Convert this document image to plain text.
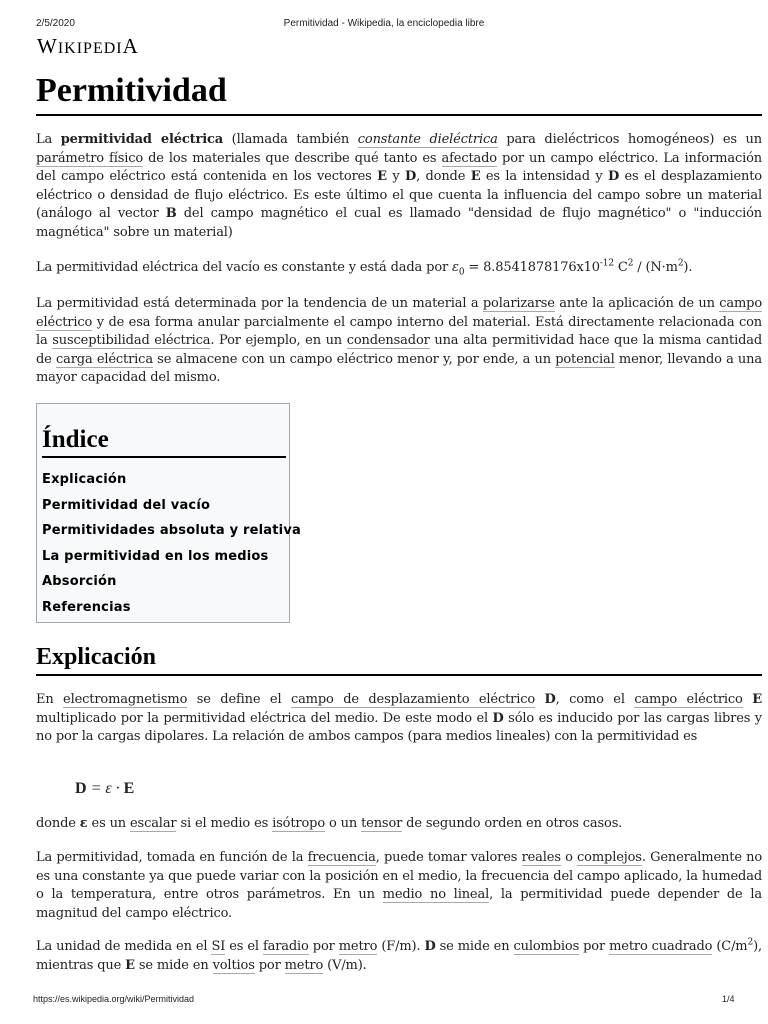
2/5/2020	Permitividad - Wikipedia, la enciclopedia libre
WIKIPEDIA
Permitividad

La permitividad eléctrica (llamada también constante dieléctrica para dieléctricos homogéneos) es un parámetro físico de los materiales que describe qué tanto es afectado por un campo eléctrico. La información del campo eléctrico está contenida en los vectores E y D, donde E es la intensidad y D es el desplazamiento eléctrico o densidad de flujo eléctrico. Es este último el que cuenta la influencia del campo sobre un material (análogo al vector B del campo magnético el cual es llamado "densidad de flujo magnético" o "inducción magnética" sobre un material)

La permitividad eléctrica del vacío es constante y está dada por $\varepsilon_0 = 8.8541878176x10^{-12}$ $C^2 / (N\cdot m^2)$.

La permitividad está determinada por la tendencia de un material a polarizarse ante la aplicación de un campo eléctrico y de esa forma anular parcialmente el campo interno del material. Está directamente relacionada con la susceptibilidad eléctrica. Por ejemplo, en un condensador una alta permitividad hace que la misma cantidad de carga eléctrica se almacene con un campo eléctrico menor y, por ende, a un potencial menor, llevando a una mayor capacidad del mismo.

Índice
Explicación
Permitividad del vacío
Permitividades absoluta y relativa
La permitividad en los medios
Absorción
Referencias
Explicación

En electromagnetismo se define el campo de desplazamiento eléctrico D, como el campo eléctrico E multiplicado por la permitividad eléctrica del medio. De este modo el D sólo es inducido por las cargas libres y no por la cargas dipolares. La relación de ambos campos (para medios lineales) con la permitividad es

D = ε · E

donde ε es un escalar si el medio es isótropo o un tensor de segundo orden en otros casos.

La permitividad, tomada en función de la frecuencia, puede tomar valores reales o complejos. Generalmente no es una constante ya que puede variar con la posición en el medio, la frecuencia del campo aplicado, la humedad o la temperatura, entre otros parámetros. En un medio no lineal, la permitividad puede depender de la magnitud del campo eléctrico.

La unidad de medida en el SI es el faradio por metro (F/m). D se mide en culombios por metro cuadrado $(C/m^2)$, mientras que E se mide en voltios por metro (V/m).

https://es.wikipedia.org/wiki/Permitividad	1/4
